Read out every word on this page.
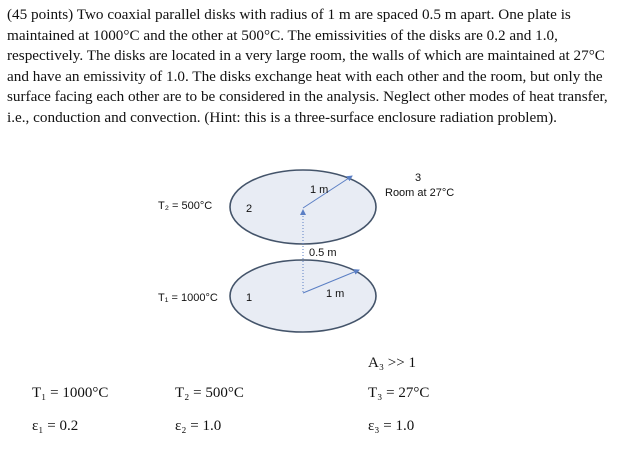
(45 points) Two coaxial parallel disks with radius of 1 m are spaced 0.5 m apart. One plate is maintained at 1000°C and the other at 500°C. The emissivities of the disks are 0.2 and 1.0, respectively. The disks are located in a very large room, the walls of which are maintained at 27°C and have an emissivity of 1.0. The disks exchange heat with each other and the room, but only the surface facing each other are to be considered in the analysis. Neglect other modes of heat transfer, i.e., conduction and convection. (Hint: this is a three-surface enclosure radiation problem).

1 m
0.5 m
1 m
2
1
T₂ = 500°C
T₁ = 1000°C
3
Room at 27°C
A₃ >> 1
T₁ = 1000°C	T₂ = 500°C	T₃ = 27°C
ε₁ = 0.2	ε₂ = 1.0	ε₃ = 1.0
